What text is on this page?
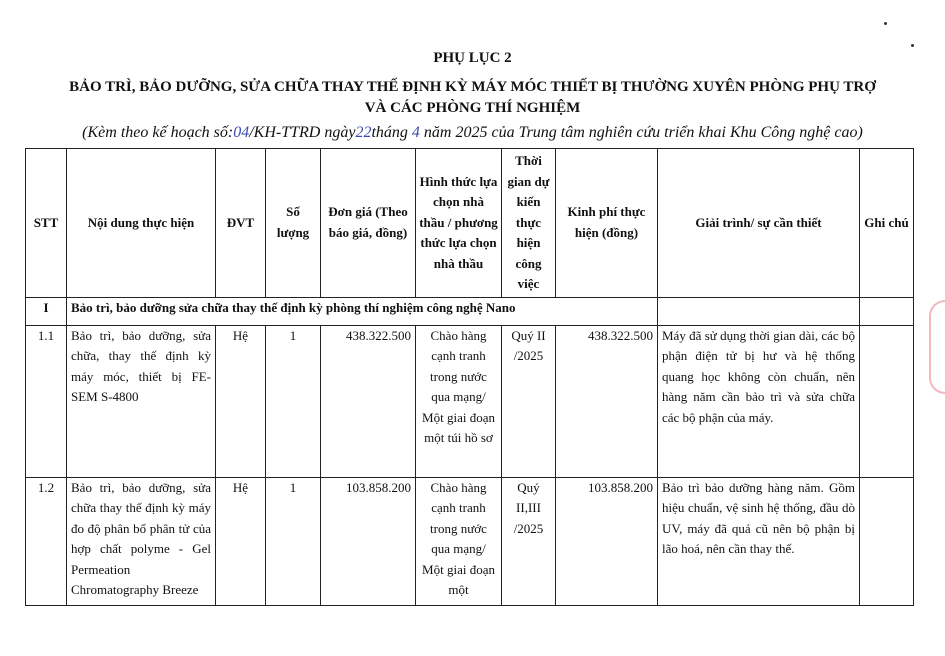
PHỤ LỤC 2
BẢO TRÌ, BẢO DƯỠNG, SỬA CHỮA THAY THẾ ĐỊNH KỲ MÁY MÓC THIẾT BỊ THƯỜNG XUYÊN PHÒNG PHỤ TRỢ
VÀ CÁC PHÒNG THÍ NGHIỆM

(Kèm theo kế hoạch số:04/KH-TTRD ngày22tháng 4 năm 2025 của Trung tâm nghiên cứu triển khai Khu Công nghệ cao)

STT	Nội dung thực hiện	ĐVT	Số lượng	Đơn giá (Theo báo giá, đồng)	Hình thức lựa chọn nhà thầu / phương thức lựa chọn nhà thầu	Thời gian dự kiến thực hiện công việc	Kinh phí thực hiện (đồng)	Giải trình/ sự cần thiết	Ghi chú
I	Bảo trì, bảo dưỡng sửa chữa thay thế định kỳ phòng thí nghiệm công nghệ Nano								
1.1	Bảo trì, bảo dưỡng, sửa chữa, thay thế định kỳ máy móc, thiết bị FE-SEM S-4800	Hệ	1	438.322.500	Chào hàng cạnh tranh trong nước qua mạng/ Một giai đoạn một túi hồ sơ	Quý II /2025	438.322.500	Máy đã sử dụng thời gian dài, các bộ phận điện tử bị hư và hệ thống quang học không còn chuẩn, nên hàng năm cần bảo trì và sửa chữa các bộ phận của máy.	
1.2	Bảo trì, bảo dưỡng, sửa chữa thay thế định kỳ máy đo độ phân bố phân tử của hợp chất polyme - Gel Permeation Chromatography Breeze	Hệ	1	103.858.200	Chào hàng cạnh tranh trong nước qua mạng/ Một giai đoạn một	Quý II,III /2025	103.858.200	Bảo trì bảo dưỡng hàng năm. Gồm hiệu chuẩn, vệ sinh hệ thống, đầu dò UV, máy đã quá cũ nên bộ phận bị lão hoá, nên cần thay thế.	
